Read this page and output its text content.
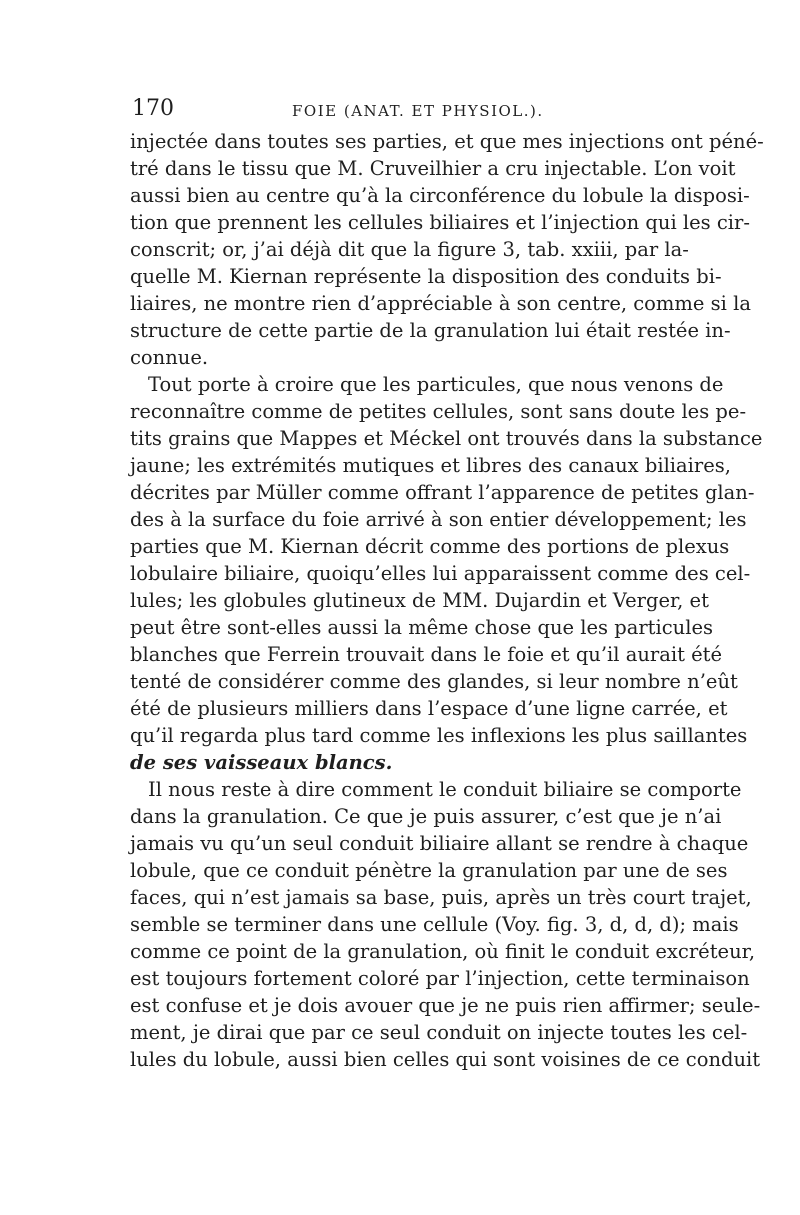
170	FOIE (ANAT. ET PHYSIOL.).
injectée dans toutes ses parties, et que mes injections ont péné-
tré dans le tissu que M. Cruveilhier a cru injectable. L’on voit
aussi bien au centre qu’à la circonférence du lobule la disposi-
tion que prennent les cellules biliaires et l’injection qui les cir-
conscrit; or, j’ai déjà dit que la figure 3, tab. xxiii, par la-
quelle M. Kiernan représente la disposition des conduits bi-
liaires, ne montre rien d’appréciable à son centre, comme si la
structure de cette partie de la granulation lui était restée in-
connue.
Tout porte à croire que les particules, que nous venons de
reconnaître comme de petites cellules, sont sans doute les pe-
tits grains que Mappes et Méckel ont trouvés dans la substance
jaune; les extrémités mutiques et libres des canaux biliaires,
décrites par Müller comme offrant l’apparence de petites glan-
des à la surface du foie arrivé à son entier développement; les
parties que M. Kiernan décrit comme des portions de plexus
lobulaire biliaire, quoiqu’elles lui apparaissent comme des cel-
lules; les globules glutineux de MM. Dujardin et Verger, et
peut être sont-elles aussi la même chose que les particules
blanches que Ferrein trouvait dans le foie et qu’il aurait été
tenté de considérer comme des glandes, si leur nombre n’eût
été de plusieurs milliers dans l’espace d’une ligne carrée, et
qu’il regarda plus tard comme les inflexions les plus saillantes
de ses vaisseaux blancs.
Il nous reste à dire comment le conduit biliaire se comporte
dans la granulation. Ce que je puis assurer, c’est que je n’ai
jamais vu qu’un seul conduit biliaire allant se rendre à chaque
lobule, que ce conduit pénètre la granulation par une de ses
faces, qui n’est jamais sa base, puis, après un très court trajet,
semble se terminer dans une cellule (Voy. fig. 3, d, d, d); mais
comme ce point de la granulation, où finit le conduit excréteur,
est toujours fortement coloré par l’injection, cette terminaison
est confuse et je dois avouer que je ne puis rien affirmer; seule-
ment, je dirai que par ce seul conduit on injecte toutes les cel-
lules du lobule, aussi bien celles qui sont voisines de ce conduit
